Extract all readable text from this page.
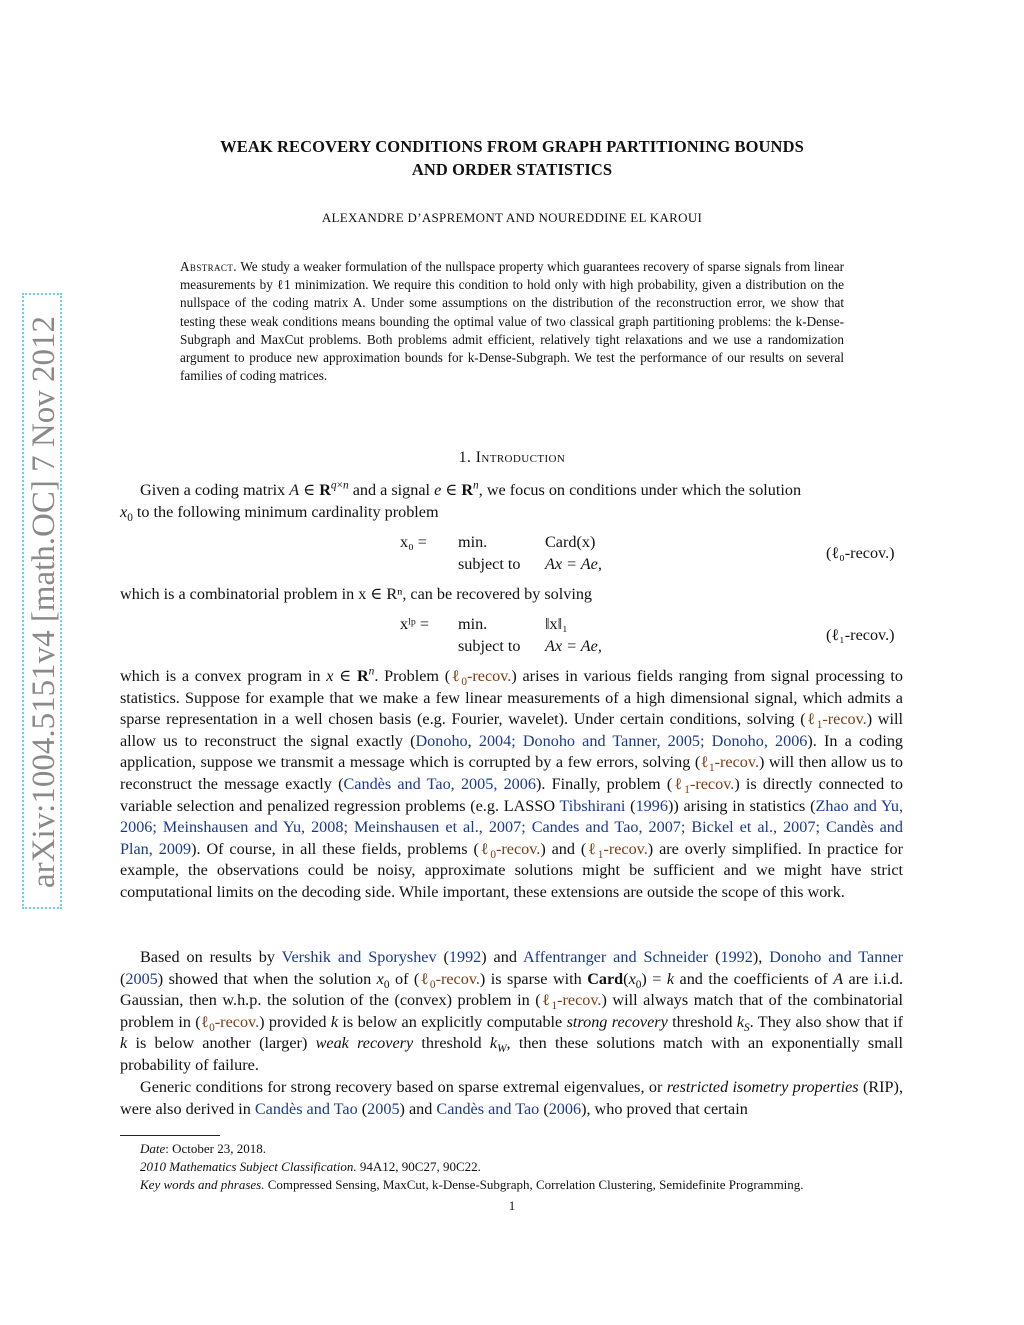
arXiv:1004.5151v4 [math.OC] 7 Nov 2012
WEAK RECOVERY CONDITIONS FROM GRAPH PARTITIONING BOUNDS
AND ORDER STATISTICS
ALEXANDRE D’ASPREMONT AND NOUREDDINE EL KAROUI
Abstract. We study a weaker formulation of the nullspace property which guarantees recovery of sparse signals from linear measurements by ℓ1 minimization. We require this condition to hold only with high probability, given a distribution on the nullspace of the coding matrix A. Under some assumptions on the distribution of the reconstruction error, we show that testing these weak conditions means bounding the optimal value of two classical graph partitioning problems: the k-Dense-Subgraph and MaxCut problems. Both problems admit efficient, relatively tight relaxations and we use a randomization argument to produce new approximation bounds for k-Dense-Subgraph. We test the performance of our results on several families of coding matrices.
1. Introduction
Given a coding matrix A ∈ $R^{q\times n}$ and a signal e ∈ $R^n$, we focus on conditions under which the solution
$x_0$ to the following minimum cardinality problem
x₀ = min.	Card(x)
subject to Ax = Ae,
(ℓ₀-recov.)
which is a combinatorial problem in x ∈ Rⁿ, can be recovered by solving
xˡᵖ = min.	‖x‖₁
subject to Ax = Ae,
(ℓ₁-recov.)
which is a convex program in x ∈ $R^n$. Problem (ℓ$_0$-recov.) arises in various fields ranging from signal processing to statistics. Suppose for example that we make a few linear measurements of a high dimensional signal, which admits a sparse representation in a well chosen basis (e.g. Fourier, wavelet). Under certain conditions, solving (ℓ$_1$-recov.) will allow us to reconstruct the signal exactly (Donoho, 2004; Donoho and Tanner, 2005; Donoho, 2006). In a coding application, suppose we transmit a message which is corrupted by a few errors, solving (ℓ$_1$-recov.) will then allow us to reconstruct the message exactly (Candès and Tao, 2005, 2006). Finally, problem (ℓ$_1$-recov.) is directly connected to variable selection and penalized regression problems (e.g. LASSO Tibshirani (1996)) arising in statistics (Zhao and Yu, 2006; Meinshausen and Yu, 2008; Meinshausen et al., 2007; Candes and Tao, 2007; Bickel et al., 2007; Candès and Plan, 2009). Of course, in all these fields, problems (ℓ$_0$-recov.) and (ℓ$_1$-recov.) are overly simplified. In practice for example, the observations could be noisy, approximate solutions might be sufficient and we might have strict computational limits on the decoding side. While important, these extensions are outside the scope of this work.
Based on results by Vershik and Sporyshev (1992) and Affentranger and Schneider (1992), Donoho and Tanner (2005) showed that when the solution $x_0$ of (ℓ$_0$-recov.) is sparse with $Card(x_0) = k$ and the coefficients of A are i.i.d. Gaussian, then w.h.p. the solution of the (convex) problem in (ℓ$_1$-recov.) will always match that of the combinatorial problem in (ℓ$_0$-recov.) provided k is below an explicitly computable strong recovery threshold $k_S$. They also show that if k is below another (larger) weak recovery threshold $k_W$, then these solutions match with an exponentially small probability of failure.
Generic conditions for strong recovery based on sparse extremal eigenvalues, or restricted isometry properties (RIP), were also derived in Candès and Tao (2005) and Candès and Tao (2006), who proved that certain
Date: October 23, 2018.
2010 Mathematics Subject Classification. 94A12, 90C27, 90C22.
Key words and phrases. Compressed Sensing, MaxCut, k-Dense-Subgraph, Correlation Clustering, Semidefinite Programming.
1
